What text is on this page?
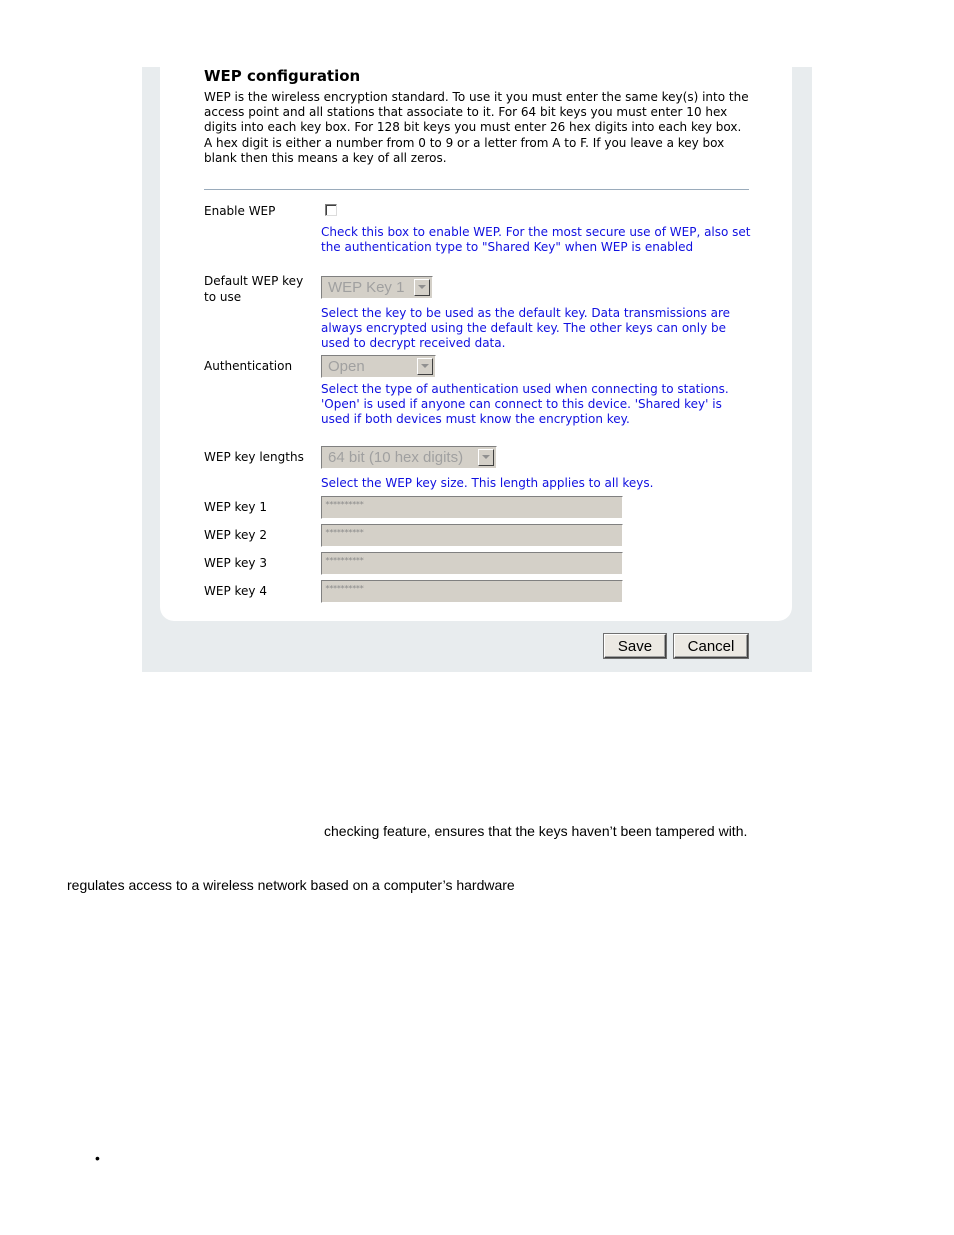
WEP configuration
WEP is the wireless encryption standard. To use it you must enter the same key(s) into the access point and all stations that associate to it. For 64 bit keys you must enter 10 hex digits into each key box. For 128 bit keys you must enter 26 hex digits into each key box. A hex digit is either a number from 0 to 9 or a letter from A to F. If you leave a key box blank then this means a key of all zeros.
Enable WEP
Check this box to enable WEP. For the most secure use of WEP, also set the authentication type to "Shared Key" when WEP is enabled
Default WEP key to use
WEP Key 1
Select the key to be used as the default key. Data transmissions are always encrypted using the default key. The other keys can only be used to decrypt received data.
Authentication Open
Select the type of authentication used when connecting to stations. 'Open' is used if anyone can connect to this device. 'Shared key' is used if both devices must know the encryption key.
WEP key lengths 64 bit (10 hex digits)
Select the WEP key size. This length applies to all keys.
WEP key 1	**********
WEP key 2	**********
WEP key 3	**********
WEP key 4	**********
Save	Cancel
checking feature, ensures that the keys haven’t been tampered with.
regulates access to a wireless network based on a computer’s hardware
•
